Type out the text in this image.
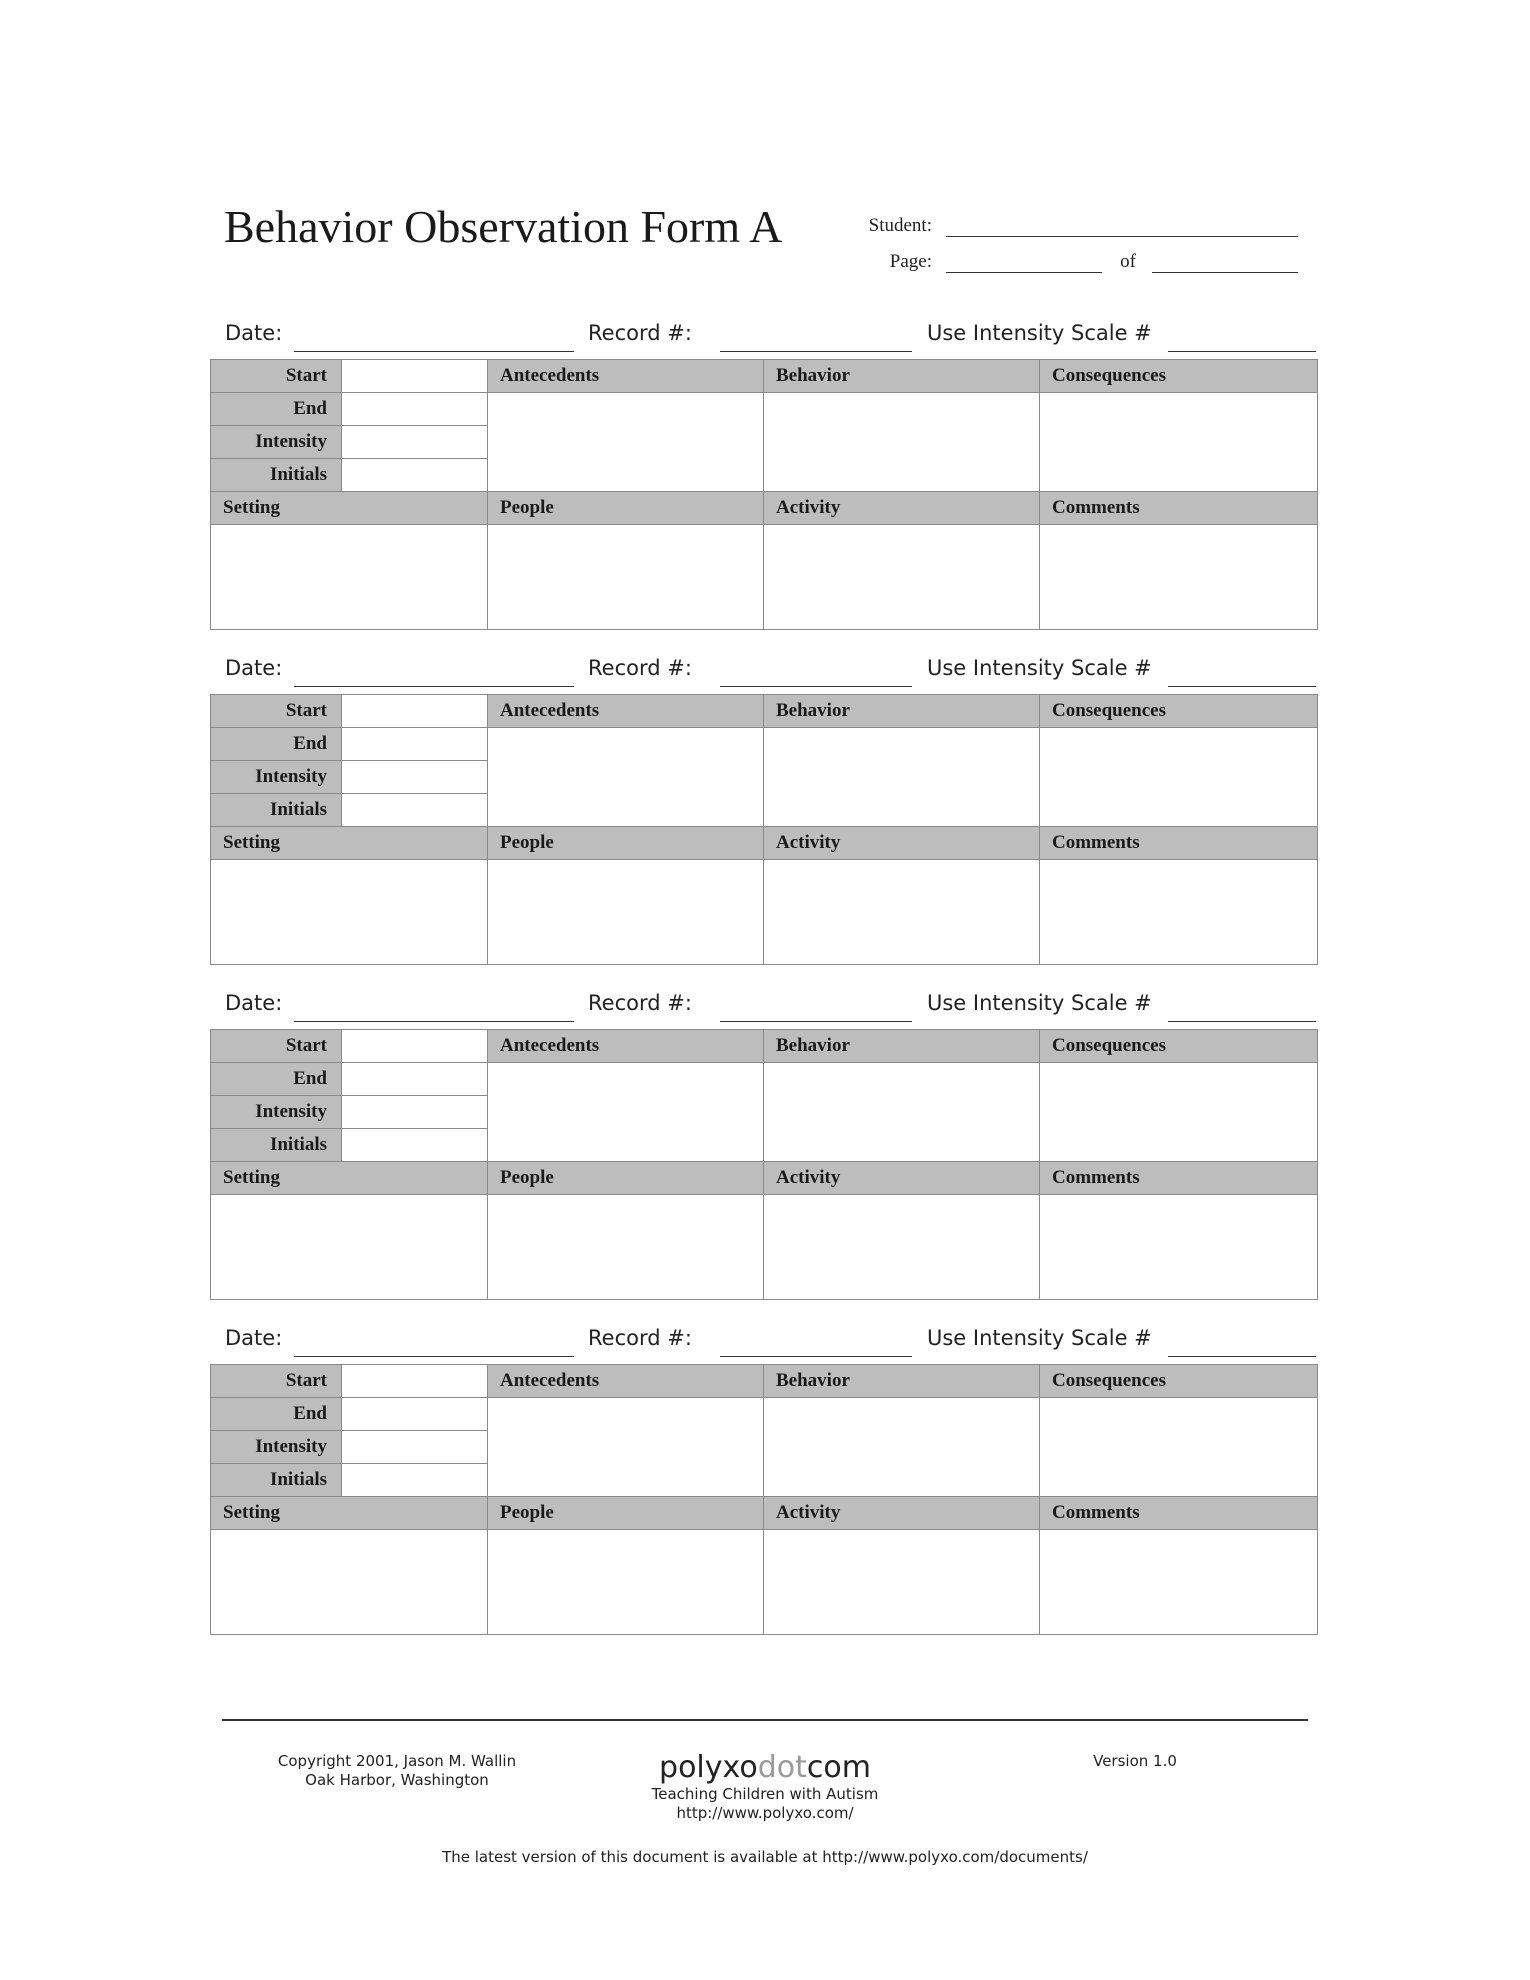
Behavior Observation Form A	Student:
Page:	of
Date:	Record #:	Use Intensity Scale #
Start		Antecedents	Behavior	Consequences
End				
Intensity				
Initials				
Setting		People	Activity	Comments

Date:	Record #:	Use Intensity Scale #
Start		Antecedents	Behavior	Consequences
End				
Intensity				
Initials				
Setting		People	Activity	Comments

Date:	Record #:	Use Intensity Scale #
Start		Antecedents	Behavior	Consequences
End				
Intensity				
Initials				
Setting		People	Activity	Comments

Date:	Record #:	Use Intensity Scale #
Start		Antecedents	Behavior	Consequences
End				
Intensity				
Initials				
Setting		People	Activity	Comments

Copyright 2001, Jason M. Wallin
Oak Harbor, Washington	polyxodotcom
Teaching Children with Autism
http://www.polyxo.com/
Version 1.0
The latest version of this document is available at http://www.polyxo.com/documents/
